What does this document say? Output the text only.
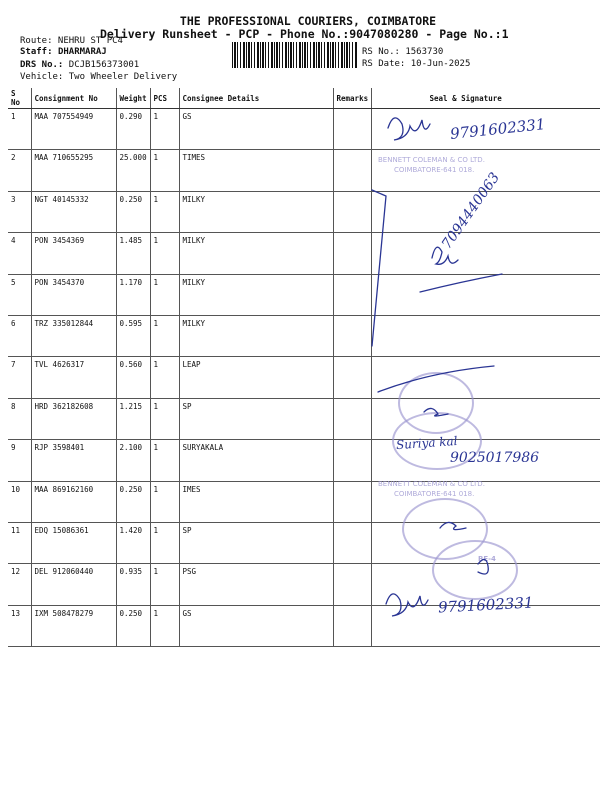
THE PROFESSIONAL COURIERS, COIMBATORE
Delivery Runsheet - PCP - Phone No.:9047080280 - Page No.:1
Route: NEHRU ST PC4
Staff: DHARMARAJ
DRS No.: DCJB156373001
Vehicle: Two Wheeler Delivery
RS No.: 1563730
RS Date: 10-Jun-2025
S No	Consignment No	Weight	PCS	Consignee Details	Remarks	Seal & Signature
1	MAA 707554949	0.290	1	GS		
2	MAA 710655295	25.000	1	TIMES		
3	NGT 40145332	0.250	1	MILKY		
4	PON 3454369	1.485	1	MILKY		
5	PON 3454370	1.170	1	MILKY		
6	TRZ 335012844	0.595	1	MILKY		
7	TVL 4626317	0.560	1	LEAP		
8	HRD 362182608	1.215	1	SP		
9	RJP 3598401	2.100	1	SURYAKALA		
10	MAA 869162160	0.250	1	IMES		
11	EDQ 15086361	1.420	1	SP		
12	DEL 912060440	0.935	1	PSG		
13	IXM 508478279	0.250	1	GS		
BENNETT COLEMAN & CO LTD.
COIMBATORE-641 018.
BENNETT COLEMAN & CO LTD.
COIMBATORE-641 018.
BE-4
9791602331
7094440063
Suriya kal
9025017986
9791602331
